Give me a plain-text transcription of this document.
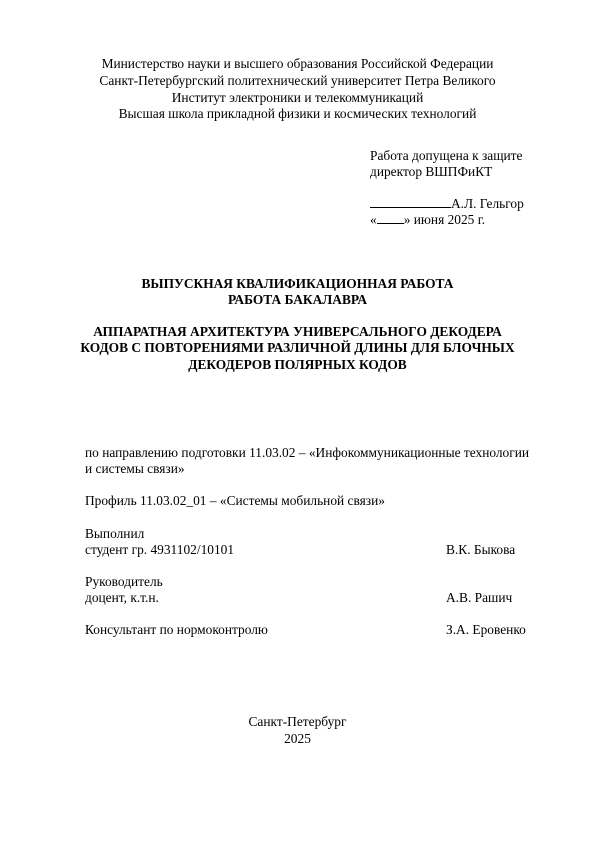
Министерство науки и высшего образования Российской Федерации
Санкт-Петербургский политехнический университет Петра Великого
Институт электроники и телекоммуникаций
Высшая школа прикладной физики и космических технологий
Работа допущена к защите
директор ВШПФиКТ
А.Л. Гельгор
« » июня 2025 г.
ВЫПУСКНАЯ КВАЛИФИКАЦИОННАЯ РАБОТА
РАБОТА БАКАЛАВРА
АППАРАТНАЯ АРХИТЕКТУРА УНИВЕРСАЛЬНОГО ДЕКОДЕРА
КОДОВ С ПОВТОРЕНИЯМИ РАЗЛИЧНОЙ ДЛИНЫ ДЛЯ БЛОЧНЫХ
ДЕКОДЕРОВ ПОЛЯРНЫХ КОДОВ
по направлению подготовки 11.03.02 – «Инфокоммуникационные технологии
и системы связи»
Профиль 11.03.02_01 – «Системы мобильной связи»
Выполнил
студент гр. 4931102/10101	В.К. Быкова
Руководитель
доцент, к.т.н.	А.В. Рашич
Консультант по нормоконтролю	З.А. Еровенко
Санкт-Петербург
2025
